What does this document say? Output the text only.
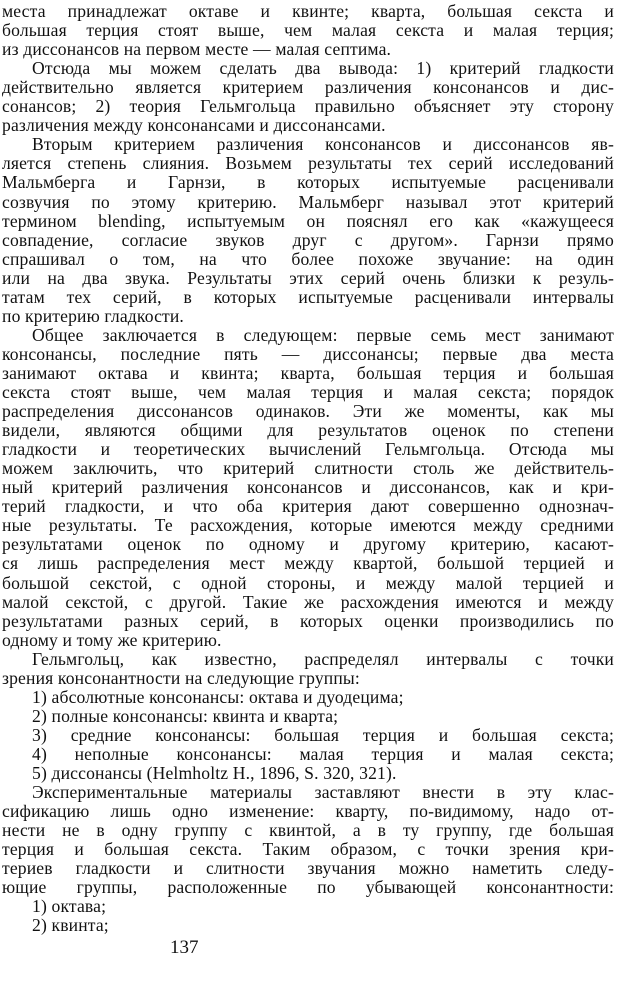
места принадлежат октаве и квинте; кварта, большая секста и
большая терция стоят выше, чем малая секста и малая терция;
из диссонансов на первом месте — малая септима.
Отсюда мы можем сделать два вывода: 1) критерий гладкости
действительно является критерием различения консонансов и дис-
сонансов; 2) теория Гельмгольца правильно объясняет эту сторону
различения между консонансами и диссонансами.
Вторым критерием различения консонансов и диссонансов яв-
ляется степень слияния. Возьмем результаты тех серий исследований
Мальмберга и Гарнзи, в которых испытуемые расценивали
созвучия по этому критерию. Мальмберг называл этот критерий
термином blending, испытуемым он пояснял его как «кажущееся
совпадение, согласие звуков друг с другом». Гарнзи прямо
спрашивал о том, на что более похоже звучание: на один
или на два звука. Результаты этих серий очень близки к резуль-
татам тех серий, в которых испытуемые расценивали интервалы
по критерию гладкости.
Общее заключается в следующем: первые семь мест занимают
консонансы, последние пять — диссонансы; первые два места
занимают октава и квинта; кварта, большая терция и большая
секста стоят выше, чем малая терция и малая секста; порядок
распределения диссонансов одинаков. Эти же моменты, как мы
видели, являются общими для результатов оценок по степени
гладкости и теоретических вычислений Гельмгольца. Отсюда мы
можем заключить, что критерий слитности столь же действитель-
ный критерий различения консонансов и диссонансов, как и кри-
терий гладкости, и что оба критерия дают совершенно однознач-
ные результаты. Те расхождения, которые имеются между средними
результатами оценок по одному и другому критерию, касают-
ся лишь распределения мест между квартой, большой терцией и
большой секстой, с одной стороны, и между малой терцией и
малой секстой, с другой. Такие же расхождения имеются и между
результатами разных серий, в которых оценки производились по
одному и тому же критерию.
Гельмгольц, как известно, распределял интервалы с точки
зрения консонантности на следующие группы:
1) абсолютные консонансы: октава и дуодецима;
2) полные консонансы: квинта и кварта;
3) средние консонансы: большая терция и большая секста;
4) неполные консонансы: малая терция и малая секста;
5) диссонансы (Helmholtz H., 1896, S. 320, 321).
Экспериментальные материалы заставляют внести в эту клас-
сификацию лишь одно изменение: кварту, по-видимому, надо от-
нести не в одну группу с квинтой, а в ту группу, где большая
терция и большая секста. Таким образом, с точки зрения кри-
териев гладкости и слитности звучания можно наметить следу-
ющие группы, расположенные по убывающей консонантности:
1) октава;
2) квинта;
137
